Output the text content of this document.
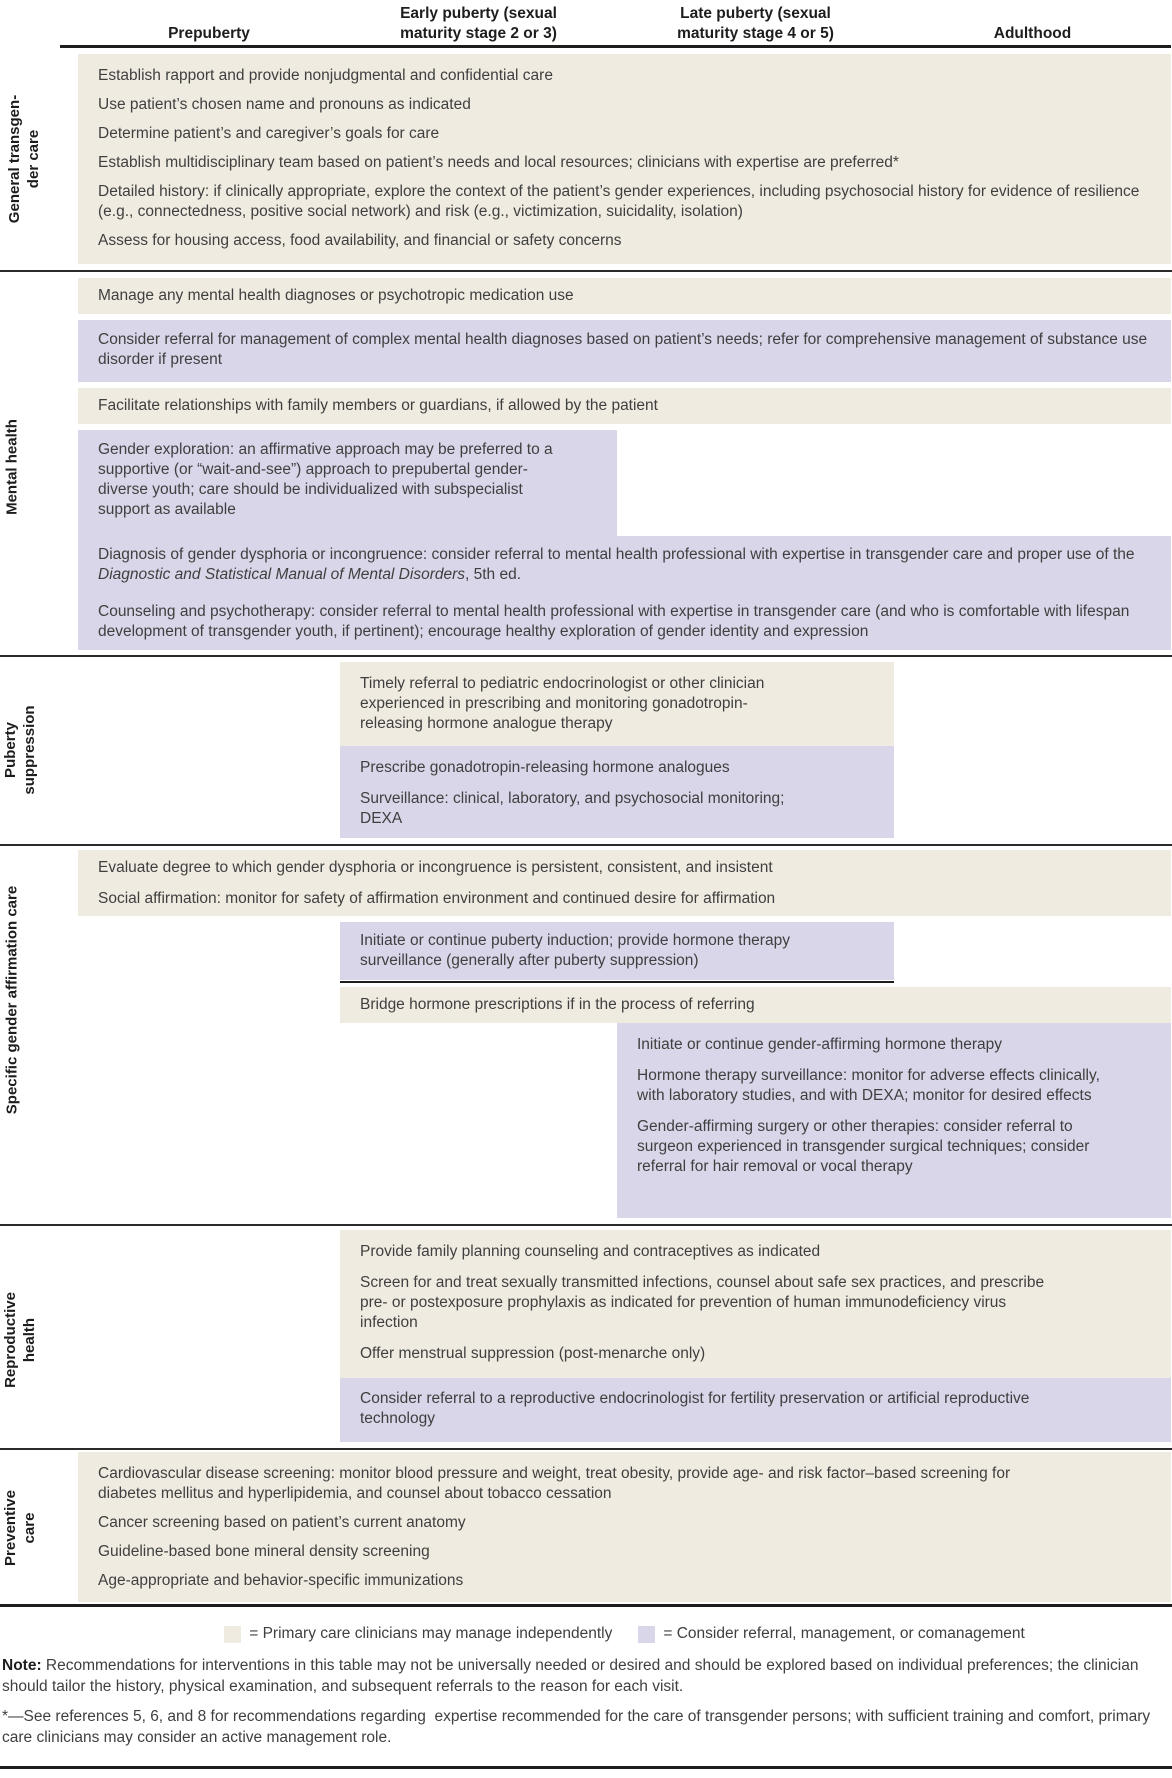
Prepuberty
Early puberty (sexual maturity stage 2 or 3)
Late puberty (sexual maturity stage 4 or 5)	Adulthood
General transgen- der care

Establish rapport and provide nonjudgmental and confidential care

Use patient’s chosen name and pronouns as indicated

Determine patient’s and caregiver’s goals for care

Establish multidisciplinary team based on patient’s needs and local resources; clinicians with expertise are preferred*

Detailed history: if clinically appropriate, explore the context of the patient’s gender experiences, including psychosocial history for evidence of resilience (e.g., connectedness, positive social network) and risk (e.g., victimization, suicidality, isolation)

Assess for housing access, food availability, and financial or safety concerns

Mental health

Manage any mental health diagnoses or psychotropic medication use

Consider referral for management of complex mental health diagnoses based on patient’s needs; refer for comprehensive management of substance use disorder if present

Facilitate relationships with family members or guardians, if allowed by the patient

Gender exploration: an affirmative approach may be preferred to a supportive (or “wait-and-see”) approach to prepubertal gender-diverse youth; care should be individualized with subspecialist support as available

Diagnosis of gender dysphoria or incongruence: consider referral to mental health professional with expertise in transgender care and proper use of the Diagnostic and Statistical Manual of Mental Disorders, 5th ed.

Counseling and psychotherapy: consider referral to mental health professional with expertise in transgender care (and who is comfortable with lifespan development of transgender youth, if pertinent); encourage healthy exploration of gender identity and expression

Puberty suppression

Timely referral to pediatric endocrinologist or other clinician experienced in prescribing and monitoring gonadotropin-releasing hormone analogue therapy

Prescribe gonadotropin-releasing hormone analogues

Surveillance: clinical, laboratory, and psychosocial monitoring; DEXA

Specific gender affirmation care

Evaluate degree to which gender dysphoria or incongruence is persistent, consistent, and insistent

Social affirmation: monitor for safety of affirmation environment and continued desire for affirmation

Initiate or continue puberty induction; provide hormone therapy surveillance (generally after puberty suppression)

Bridge hormone prescriptions if in the process of referring

Initiate or continue gender-affirming hormone therapy

Hormone therapy surveillance: monitor for adverse effects clinically, with laboratory studies, and with DEXA; monitor for desired effects

Gender-affirming surgery or other therapies: consider referral to surgeon experienced in transgender surgical techniques; consider referral for hair removal or vocal therapy

Reproductive health

Provide family planning counseling and contraceptives as indicated

Screen for and treat sexually transmitted infections, counsel about safe sex practices, and prescribe pre- or postexposure prophylaxis as indicated for prevention of human immunodeficiency virus infection

Offer menstrual suppression (post-menarche only)

Consider referral to a reproductive endocrinologist for fertility preservation or artificial reproductive technology

Preventive care

Cardiovascular disease screening: monitor blood pressure and weight, treat obesity, provide age- and risk factor–based screening for diabetes mellitus and hyperlipidemia, and counsel about tobacco cessation

Cancer screening based on patient’s current anatomy

Guideline-based bone mineral density screening

Age-appropriate and behavior-specific immunizations

= Primary care clinicians may manage independently	= Consider referral, management, or comanagement
Note: Recommendations for interventions in this table may not be universally needed or desired and should be explored based on individual preferences; the clinician should tailor the history, physical examination, and subsequent referrals to the reason for each visit.
*—See references 5, 6, and 8 for recommendations regarding  expertise recommended for the care of transgender persons; with sufficient training and comfort, primary care clinicians may consider an active management role.
